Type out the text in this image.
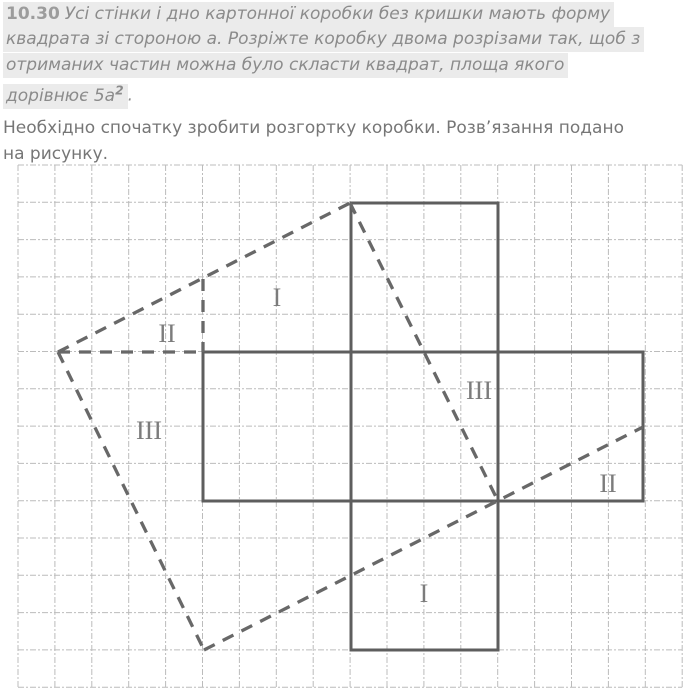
10.30 Усі стінки і дно картонної коробки без кришки мають форму
квадрата зі стороною a. Розріжте коробку двома розрізами так, щоб з
отриманих частин можна було скласти квадрат, площа якого
дорівнює $5a^2$ .
Необхідно спочатку зробити розгортку коробки. Розв’язання подано
на рисунку.
I
II
III
III
II
I
